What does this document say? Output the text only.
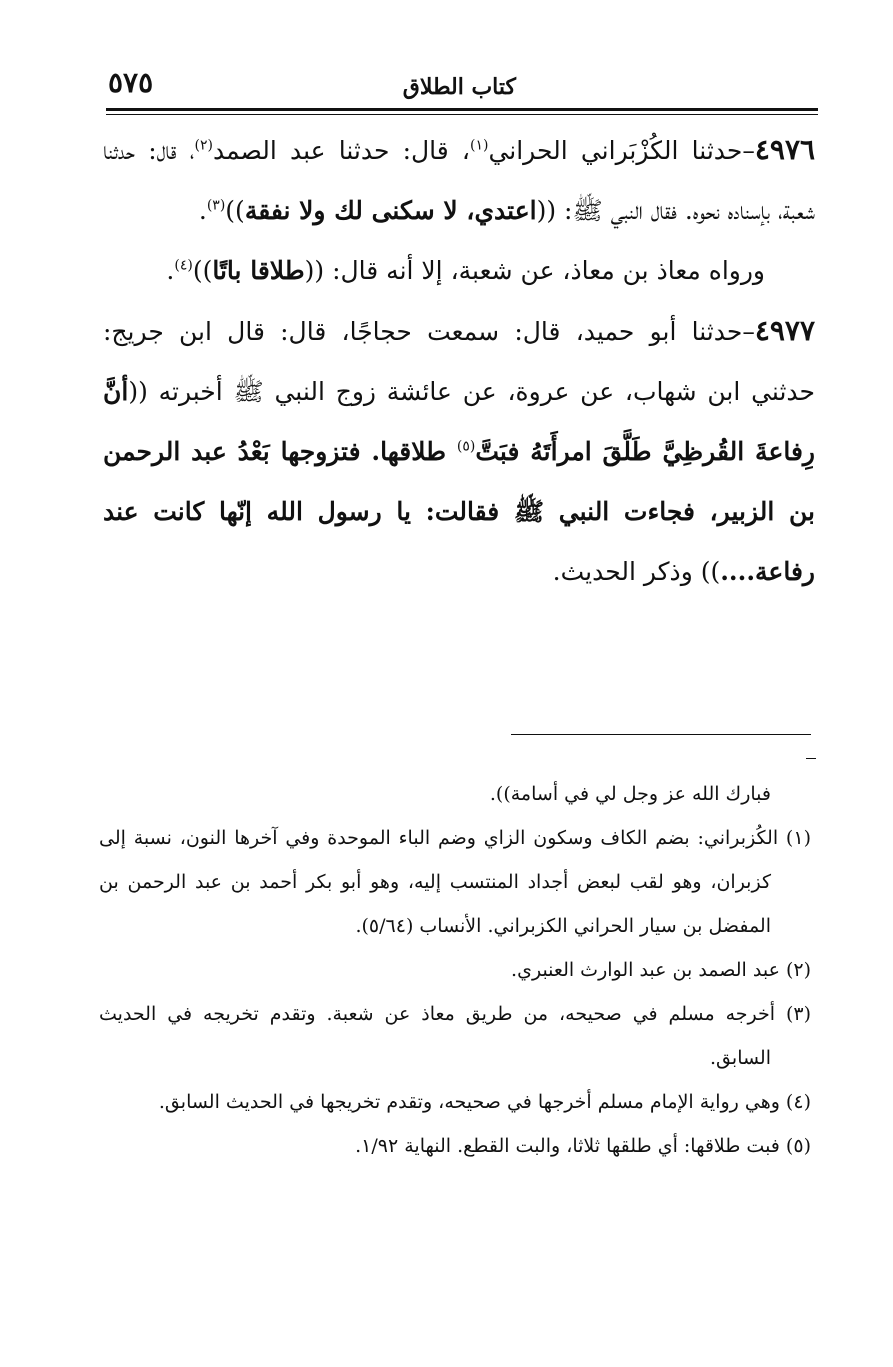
كتاب الطلاق
٥٧٥

٤٩٧٦–حدثنا الكُزْبَراني الحراني$^{(١)}$، قال: حدثنا عبد الصمد$^{(٢)}$، قال: حدثنا شعبة، بإسناده نحوه. فقال النبي ﷺ: ((اعتدي، لا سكنى لك ولا نفقة))$^{(٣)}$.

ورواه معاذ بن معاذ، عن شعبة، إلا أنه قال: ((طلاقا باتًا))$^{(٤)}$.

٤٩٧٧–حدثنا أبو حميد، قال: سمعت حجاجًا، قال: قال ابن جريج: حدثني ابن شهاب، عن عروة، عن عائشة زوج النبي ﷺ أخبرته ((أنَّ رِفاعةَ القُرظِيَّ طَلَّقَ امرأَتَهُ فبَتَّ$^{(٥)}$ طلاقها. فتزوجها بَعْدُ عبد الرحمن بن الزبير، فجاءت النبي ﷺ فقالت: يا رسول الله إنّها كانت عند رفاعة....)) وذكر الحديث.

فبارك الله عز وجل لي في أسامة)).

(١) الكُزبراني: بضم الكاف وسكون الزاي وضم الباء الموحدة وفي آخرها النون، نسبة إلى كزبران، وهو لقب لبعض أجداد المنتسب إليه، وهو أبو بكر أحمد بن عبد الرحمن بن المفضل بن سيار الحراني الكزبراني. الأنساب (٥/٦٤).

(٢) عبد الصمد بن عبد الوارث العنبري.

(٣) أخرجه مسلم في صحيحه، من طريق معاذ عن شعبة. وتقدم تخريجه في الحديث السابق.

(٤) وهي رواية الإمام مسلم أخرجها في صحيحه، وتقدم تخريجها في الحديث السابق.

(٥) فبت طلاقها: أي طلقها ثلاثا، والبت القطع. النهاية ١/٩٢.
